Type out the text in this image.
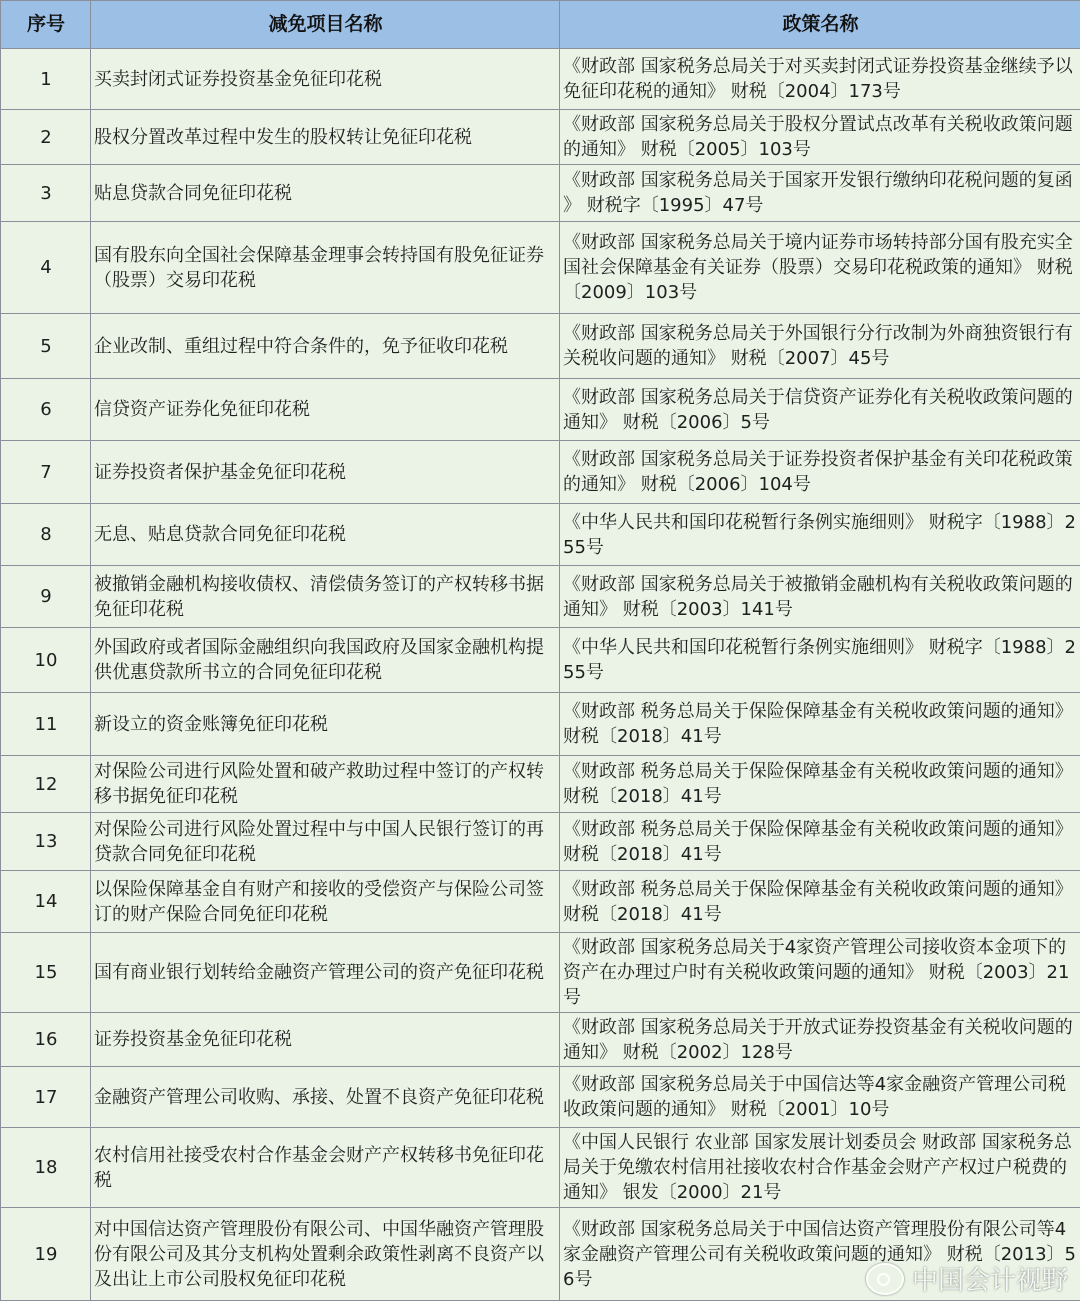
序号	减免项目名称	政策名称
1	买卖封闭式证券投资基金免征印花税	《财政部 国家税务总局关于对买卖封闭式证券投资基金继续予以免征印花税的通知》 财税〔2004〕173号
2	股权分置改革过程中发生的股权转让免征印花税	《财政部 国家税务总局关于股权分置试点改革有关税收政策问题的通知》 财税〔2005〕103号
3	贴息贷款合同免征印花税	《财政部 国家税务总局关于国家开发银行缴纳印花税问题的复函 》 财税字〔1995〕47号
4	国有股东向全国社会保障基金理事会转持国有股免征证券（股票）交易印花税	《财政部 国家税务总局关于境内证券市场转持部分国有股充实全国社会保障基金有关证券（股票）交易印花税政策的通知》 财税〔2009〕103号
5	企业改制、重组过程中符合条件的，免予征收印花税	《财政部 国家税务总局关于外国银行分行改制为外商独资银行有关税收问题的通知》 财税〔2007〕45号
6	信贷资产证券化免征印花税	《财政部 国家税务总局关于信贷资产证券化有关税收政策问题的通知》 财税〔2006〕5号
7	证券投资者保护基金免征印花税	《财政部 国家税务总局关于证券投资者保护基金有关印花税政策的通知》 财税〔2006〕104号
8	无息、贴息贷款合同免征印花税	《中华人民共和国印花税暂行条例实施细则》 财税字〔1988〕255号
9	被撤销金融机构接收债权、清偿债务签订的产权转移书据免征印花税	《财政部 国家税务总局关于被撤销金融机构有关税收政策问题的通知》 财税〔2003〕141号
10	外国政府或者国际金融组织向我国政府及国家金融机构提供优惠贷款所书立的合同免征印花税	《中华人民共和国印花税暂行条例实施细则》 财税字〔1988〕255号
11	新设立的资金账簿免征印花税	《财政部 税务总局关于保险保障基金有关税收政策问题的通知》 财税〔2018〕41号
12	对保险公司进行风险处置和破产救助过程中签订的产权转移书据免征印花税	《财政部 税务总局关于保险保障基金有关税收政策问题的通知》 财税〔2018〕41号
13	对保险公司进行风险处置过程中与中国人民银行签订的再贷款合同免征印花税	《财政部 税务总局关于保险保障基金有关税收政策问题的通知》 财税〔2018〕41号
14	以保险保障基金自有财产和接收的受偿资产与保险公司签订的财产保险合同免征印花税	《财政部 税务总局关于保险保障基金有关税收政策问题的通知》 财税〔2018〕41号
15	国有商业银行划转给金融资产管理公司的资产免征印花税	《财政部 国家税务总局关于4家资产管理公司接收资本金项下的资产在办理过户时有关税收政策问题的通知》 财税〔2003〕21号
16	证券投资基金免征印花税	《财政部 国家税务总局关于开放式证券投资基金有关税收问题的通知》 财税〔2002〕128号
17	金融资产管理公司收购、承接、处置不良资产免征印花税	《财政部 国家税务总局关于中国信达等4家金融资产管理公司税收政策问题的通知》 财税〔2001〕10号
18	农村信用社接受农村合作基金会财产产权转移书免征印花税	《中国人民银行 农业部 国家发展计划委员会 财政部 国家税务总局关于免缴农村信用社接收农村合作基金会财产产权过户税费的通知》 银发〔2000〕21号
19	对中国信达资产管理股份有限公司、中国华融资产管理股份有限公司及其分支机构处置剩余政策性剥离不良资产以及出让上市公司股权免征印花税	《财政部 国家税务总局关于中国信达资产管理股份有限公司等4家金融资产管理公司有关税收政策问题的通知》 财税〔2013〕56号	中国会计视野
